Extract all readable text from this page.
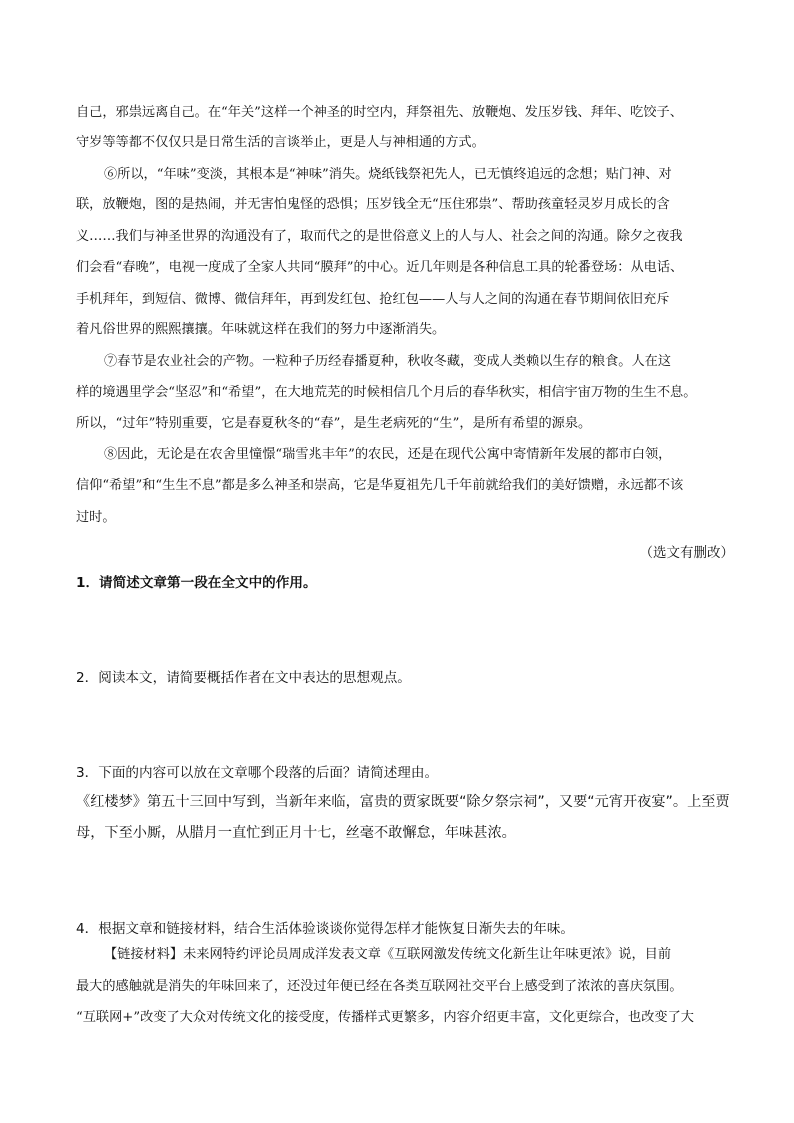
自己，邪祟远离自己。在“年关”这样一个神圣的时空内，拜祭祖先、放鞭炮、发压岁钱、拜年、吃饺子、
守岁等等都不仅仅只是日常生活的言谈举止，更是人与神相通的方式。
⑥所以，“年味”变淡，其根本是“神味”消失。烧纸钱祭祀先人，已无慎终追远的念想；贴门神、对
联，放鞭炮，图的是热闹，并无害怕鬼怪的恐惧；压岁钱全无“压住邪祟”、帮助孩童轻灵岁月成长的含
义……我们与神圣世界的沟通没有了，取而代之的是世俗意义上的人与人、社会之间的沟通。除夕之夜我
们会看“春晚”，电视一度成了全家人共同“膜拜”的中心。近几年则是各种信息工具的轮番登场：从电话、
手机拜年，到短信、微博、微信拜年，再到发红包、抢红包——人与人之间的沟通在春节期间依旧充斥
着凡俗世界的熙熙攘攘。年味就这样在我们的努力中逐渐消失。
⑦春节是农业社会的产物。一粒种子历经春播夏种，秋收冬藏，变成人类赖以生存的粮食。人在这
样的境遇里学会“坚忍”和“希望”，在大地荒芜的时候相信几个月后的春华秋实，相信宇宙万物的生生不息。
所以，“过年”特别重要，它是春夏秋冬的“春”，是生老病死的“生”，是所有希望的源泉。
⑧因此，无论是在农舍里憧憬“瑞雪兆丰年”的农民，还是在现代公寓中寄情新年发展的都市白领，
信仰“希望”和“生生不息”都是多么神圣和崇高，它是华夏祖先几千年前就给我们的美好馈赠，永远都不该
过时。
（选文有删改）
1．请简述文章第一段在全文中的作用。
2．阅读本文，请简要概括作者在文中表达的思想观点。
3．下面的内容可以放在文章哪个段落的后面？请简述理由。
《红楼梦》第五十三回中写到，当新年来临，富贵的贾家既要“除夕祭宗祠”，又要“元宵开夜宴”。上至贾
母，下至小厮，从腊月一直忙到正月十七，丝毫不敢懈怠，年味甚浓。
4．根据文章和链接材料，结合生活体验谈谈你觉得怎样才能恢复日渐失去的年味。
【链接材料】未来网特约评论员周成洋发表文章《互联网激发传统文化新生让年味更浓》说，目前
最大的感触就是消失的年味回来了，还没过年便已经在各类互联网社交平台上感受到了浓浓的喜庆氛围。
“互联网+”改变了大众对传统文化的接受度，传播样式更繁多，内容介绍更丰富，文化更综合，也改变了大
